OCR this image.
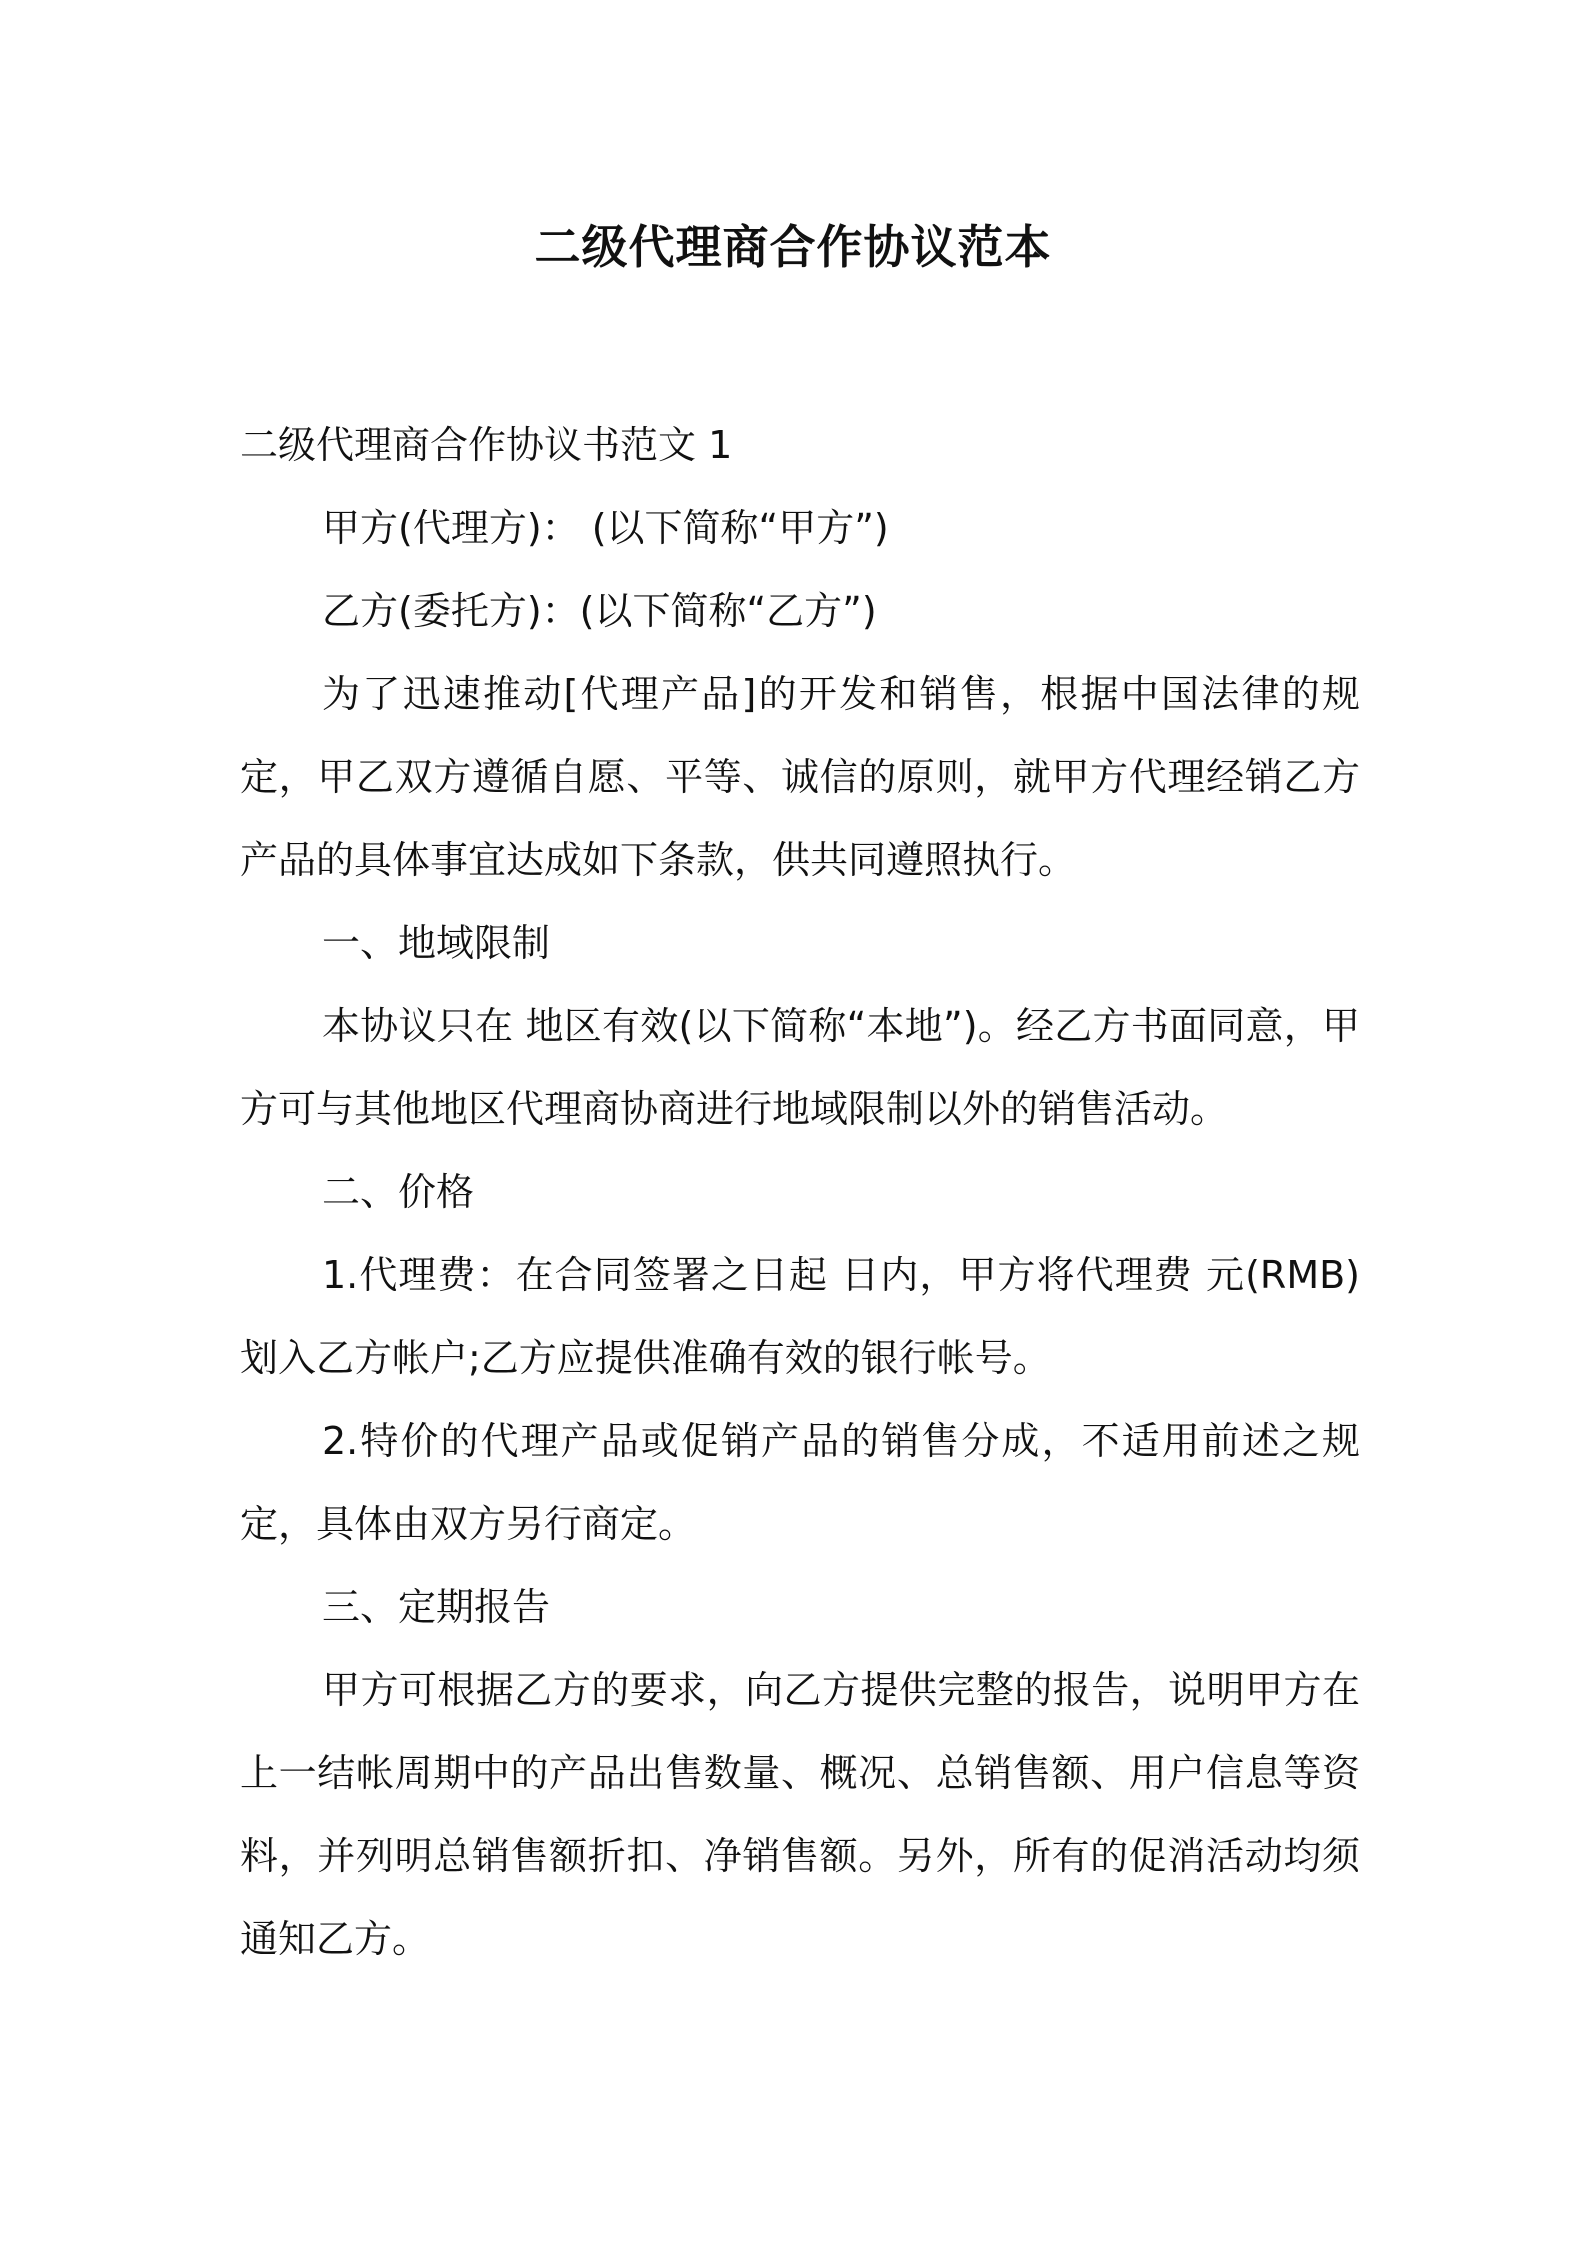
二级代理商合作协议范本

二级代理商合作协议书范文 1

甲方(代理方)： (以下简称“甲方”)

乙方(委托方)：(以下简称“乙方”)

为了迅速推动[代理产品]的开发和销售，根据中国法律的规定，甲乙双方遵循自愿、平等、诚信的原则，就甲方代理经销乙方产品的具体事宜达成如下条款，供共同遵照执行。

一、地域限制

本协议只在 地区有效(以下简称“本地”)。经乙方书面同意，甲方可与其他地区代理商协商进行地域限制以外的销售活动。

二、价格

1.代理费：在合同签署之日起 日内，甲方将代理费 元(RMB)划入乙方帐户;乙方应提供准确有效的银行帐号。

2.特价的代理产品或促销产品的销售分成，不适用前述之规定，具体由双方另行商定。

三、定期报告

甲方可根据乙方的要求，向乙方提供完整的报告，说明甲方在上一结帐周期中的产品出售数量、概况、总销售额、用户信息等资料，并列明总销售额折扣、净销售额。另外，所有的促消活动均须通知乙方。
